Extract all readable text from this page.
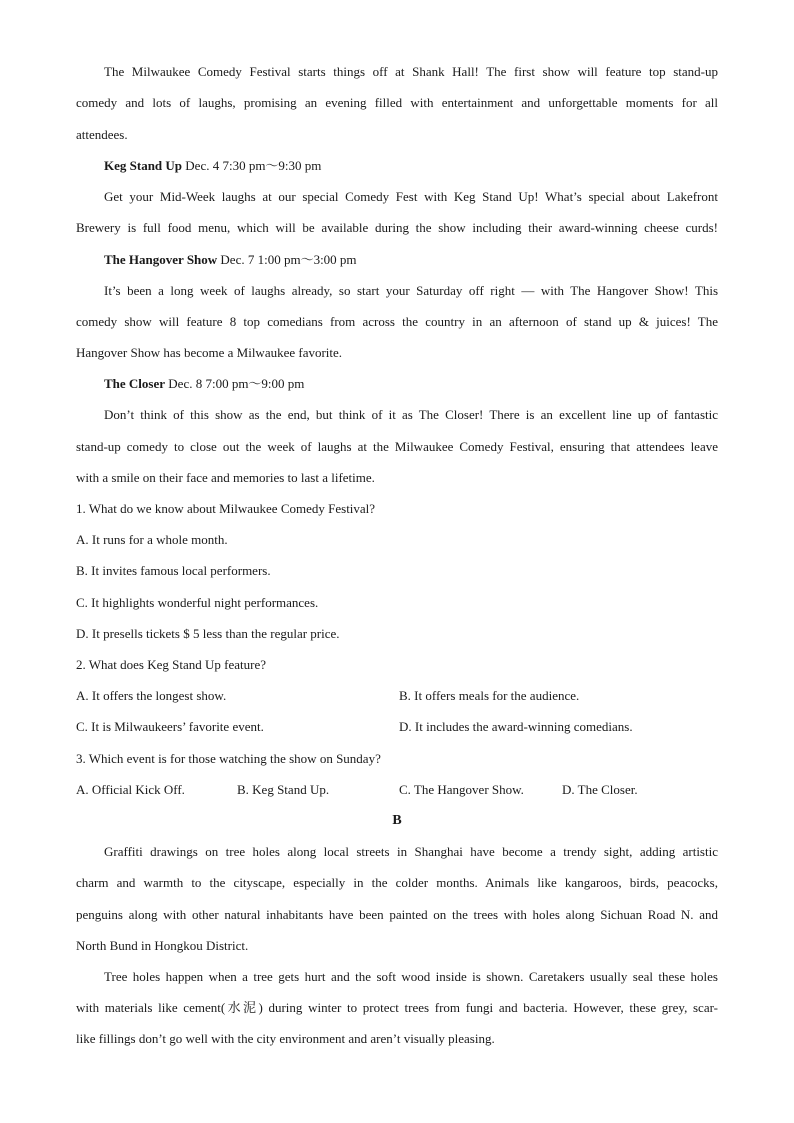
The Milwaukee Comedy Festival starts things off at Shank Hall! The first show will feature top stand-up
comedy and lots of laughs, promising an evening filled with entertainment and unforgettable moments for all
attendees.
Keg Stand Up Dec. 4 7:30 pm～9:30 pm
Get your Mid-Week laughs at our special Comedy Fest with Keg Stand Up! What’s special about Lakefront
Brewery is full food menu, which will be available during the show including their award-winning cheese curds!
The Hangover Show Dec. 7 1:00 pm～3:00 pm
It’s been a long week of laughs already, so start your Saturday off right — with The Hangover Show! This
comedy show will feature 8 top comedians from across the country in an afternoon of stand up & juices! The
Hangover Show has become a Milwaukee favorite.
The Closer Dec. 8 7:00 pm～9:00 pm
Don’t think of this show as the end, but think of it as The Closer! There is an excellent line up of fantastic
stand-up comedy to close out the week of laughs at the Milwaukee Comedy Festival, ensuring that attendees leave
with a smile on their face and memories to last a lifetime.
1. What do we know about Milwaukee Comedy Festival?
A. It runs for a whole month.
B. It invites famous local performers.
C. It highlights wonderful night performances.
D. It presells tickets $ 5 less than the regular price.
2. What does Keg Stand Up feature?
A. It offers the longest show.	B. It offers meals for the audience.
C. It is Milwaukeers’ favorite event.	D. It includes the award-winning comedians.
3. Which event is for those watching the show on Sunday?
A. Official Kick Off.	B. Keg Stand Up.	C. The Hangover Show.	D. The Closer.
B
Graffiti drawings on tree holes along local streets in Shanghai have become a trendy sight, adding artistic
charm and warmth to the cityscape, especially in the colder months. Animals like kangaroos, birds, peacocks,
penguins along with other natural inhabitants have been painted on the trees with holes along Sichuan Road N. and
North Bund in Hongkou District.
Tree holes happen when a tree gets hurt and the soft wood inside is shown. Caretakers usually seal these holes
with materials like cement(水泥) during winter to protect trees from fungi and bacteria. However, these grey, scar-
like fillings don’t go well with the city environment and aren’t visually pleasing.
